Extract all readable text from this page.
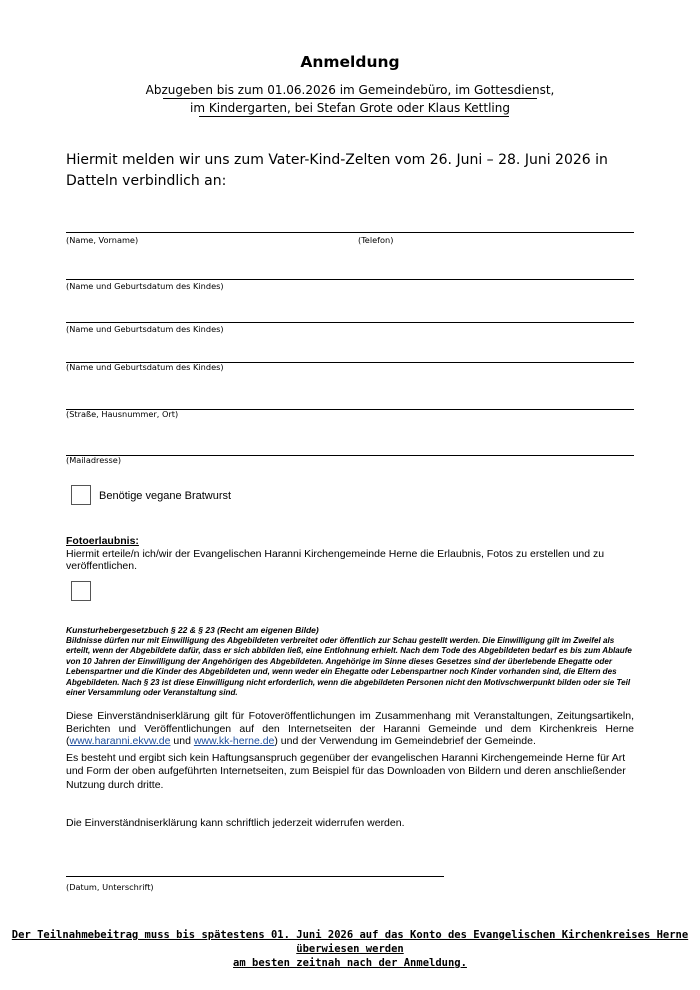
Anmeldung
Abzugeben bis zum 01.06.2026 im Gemeindebüro, im Gottesdienst,
im Kindergarten, bei Stefan Grote oder Klaus Kettling
Hiermit melden wir uns zum Vater-Kind-Zelten vom 26. Juni – 28. Juni 2026 in Datteln verbindlich an:
(Name, Vorname)	(Telefon)
(Name und Geburtsdatum des Kindes)
(Name und Geburtsdatum des Kindes)
(Name und Geburtsdatum des Kindes)
(Straße, Hausnummer, Ort)
(Mailadresse)
Benötige vegane Bratwurst
Fotoerlaubnis:
Hiermit erteile/n ich/wir der Evangelischen Haranni Kirchengemeinde Herne die Erlaubnis, Fotos zu erstellen und zu veröffentlichen.
Kunsturhebergesetzbuch § 22 & § 23 (Recht am eigenen Bilde)
Bildnisse dürfen nur mit Einwilligung des Abgebildeten verbreitet oder öffentlich zur Schau gestellt werden. Die Einwilligung gilt im Zweifel als erteilt, wenn der Abgebildete dafür, dass er sich abbilden ließ, eine Entlohnung erhielt. Nach dem Tode des Abgebildeten bedarf es bis zum Ablaufe von 10 Jahren der Einwilligung der Angehörigen des Abgebildeten. Angehörige im Sinne dieses Gesetzes sind der überlebende Ehegatte oder Lebenspartner und die Kinder des Abgebildeten und, wenn weder ein Ehegatte oder Lebenspartner noch Kinder vorhanden sind, die Eltern des Abgebildeten. Nach § 23 ist diese Einwilligung nicht erforderlich, wenn die abgebildeten Personen nicht den Motivschwerpunkt bilden oder sie Teil einer Versammlung oder Veranstaltung sind.
Diese Einverständniserklärung gilt für Fotoveröffentlichungen im Zusammenhang mit Veranstaltungen, Zeitungsartikeln, Berichten und Veröffentlichungen auf den Internetseiten der Haranni Gemeinde und dem Kirchenkreis Herne (www.haranni.ekvw.de und www.kk-herne.de) und der Verwendung im Gemeindebrief der Gemeinde.
Es besteht und ergibt sich kein Haftungsanspruch gegenüber der evangelischen Haranni Kirchengemeinde Herne für Art und Form der oben aufgeführten Internetseiten, zum Beispiel für das Downloaden von Bildern und deren anschließender Nutzung durch dritte.
Die Einverständniserklärung kann schriftlich jederzeit widerrufen werden.
(Datum, Unterschrift)
Der Teilnahmebeitrag muss bis spätestens 01. Juni 2026 auf das Konto des Evangelischen Kirchenkreises Herne überwiesen werden
am besten zeitnah nach der Anmeldung.
